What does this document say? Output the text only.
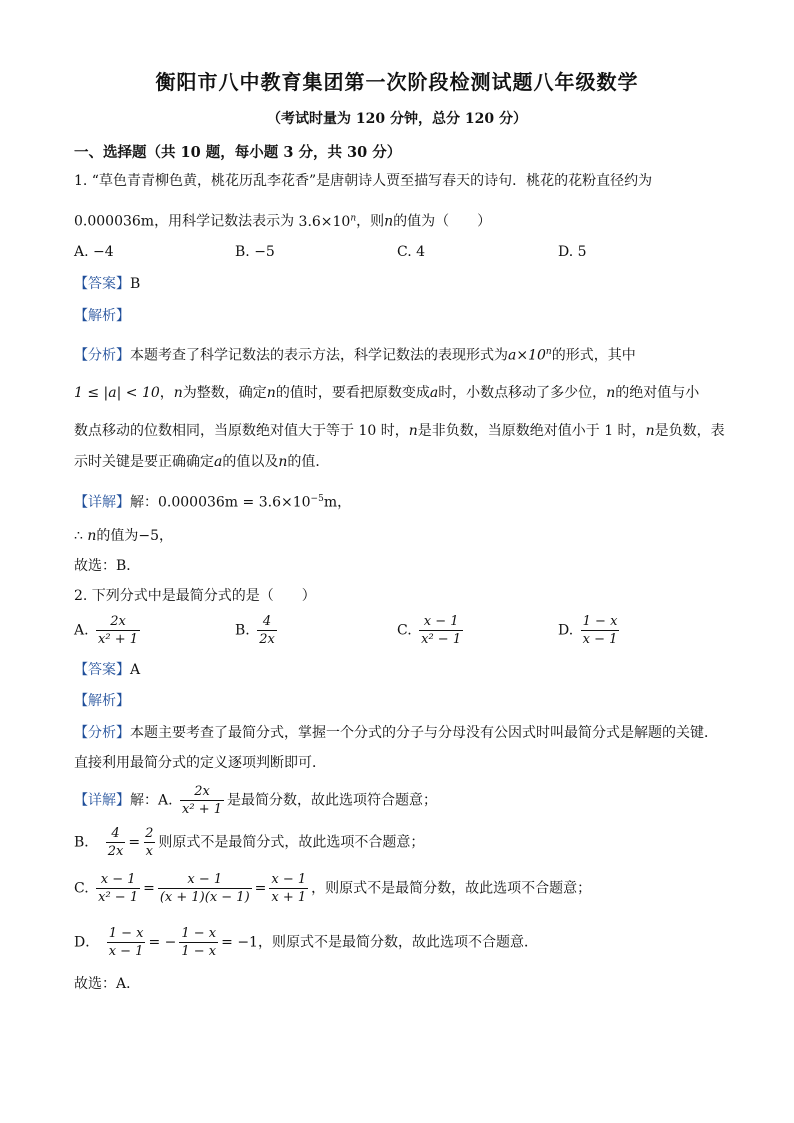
衡阳市八中教育集团第一次阶段检测试题八年级数学
（考试时量为 120 分钟，总分 120 分）
一、选择题（共 10 题，每小题 3 分，共 30 分）
1. “草色青青柳色黄，桃花历乱李花香”是唐朝诗人贾至描写春天的诗句．桃花的花粉直径约为
0.000036m，用科学记数法表示为 $3.6\times 10^n$，则n的值为（　　）
A. −4	B. −5	C. 4	D. 5
【答案】B
【解析】
【分析】本题考查了科学记数法的表示方法，科学记数法的表现形式为$a\times 10^n$的形式，其中
1 ≤ |a| < 10，n为整数，确定n的值时，要看把原数变成a时，小数点移动了多少位，n的绝对值与小
数点移动的位数相同，当原数绝对值大于等于 10 时，n是非负数，当原数绝对值小于 1 时，n是负数，表
示时关键是要正确确定a的值以及n的值．
【详解】解：$0.000036m = 3.6\times 10^{-5}m$，
∴ n的值为−5，
故选：B．
2. 下列分式中是最简分式的是（　　）
A. $\frac{2x}{\text{x² + 1}}$	B. $\frac{4}{2x}$	C. $\frac{x - 1}{\text{x² − 1}}$	D. $\frac{1 - x}{x - 1}$
【答案】A
【解析】
【分析】本题主要考查了最简分式，掌握一个分式的分子与分母没有公因式时叫最简分式是解题的关键．
直接利用最简分式的定义逐项判断即可．
【详解】解：A. $\frac{2x}{\text{x² + 1}}$ 是最简分数，故此选项符合题意；
B． $\frac{4}{2x} = \frac{2}{x}$ 则原式不是最简分式，故此选项不合题意；
C. $\frac{x - 1}{\text{x² − 1}} = \frac{x - 1}{(x + 1)(x - 1)} = \frac{x - 1}{x + 1}$ ，则原式不是最简分数，故此选项不合题意；
D． $\frac{1 - x}{x - 1}$ = − $\frac{1 - x}{1 - x} = -1$，则原式不是最简分数，故此选项不合题意．
故选：A．
